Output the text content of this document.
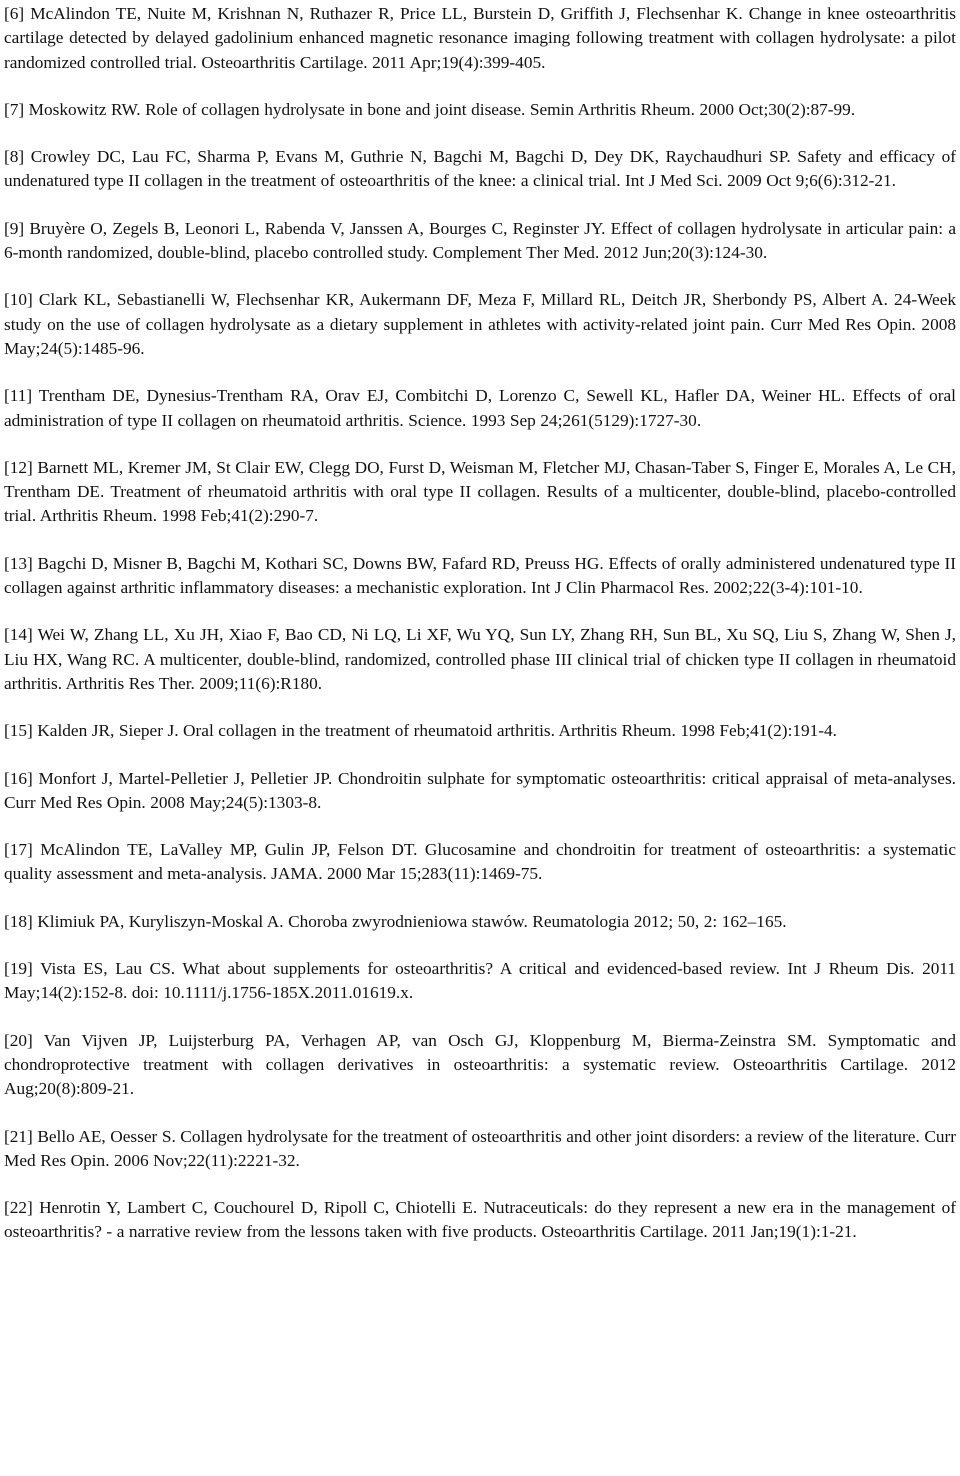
[6] McAlindon TE, Nuite M, Krishnan N, Ruthazer R, Price LL, Burstein D, Griffith J, Flechsenhar K. Change in knee osteoarthritis cartilage detected by delayed gadolinium enhanced magnetic resonance imaging following treatment with collagen hydrolysate: a pilot randomized controlled trial. Osteoarthritis Cartilage. 2011 Apr;19(4):399-405.

[7] Moskowitz RW. Role of collagen hydrolysate in bone and joint disease. Semin Arthritis Rheum. 2000 Oct;30(2):87-99.

[8] Crowley DC, Lau FC, Sharma P, Evans M, Guthrie N, Bagchi M, Bagchi D, Dey DK, Raychaudhuri SP. Safety and efficacy of undenatured type II collagen in the treatment of osteoarthritis of the knee: a clinical trial. Int J Med Sci. 2009 Oct 9;6(6):312-21.

[9] Bruyère O, Zegels B, Leonori L, Rabenda V, Janssen A, Bourges C, Reginster JY. Effect of collagen hydrolysate in articular pain: a 6-month randomized, double-blind, placebo controlled study. Complement Ther Med. 2012 Jun;20(3):124-30.

[10] Clark KL, Sebastianelli W, Flechsenhar KR, Aukermann DF, Meza F, Millard RL, Deitch JR, Sherbondy PS, Albert A. 24-Week study on the use of collagen hydrolysate as a dietary supplement in athletes with activity-related joint pain. Curr Med Res Opin. 2008 May;24(5):1485-96.

[11] Trentham DE, Dynesius-Trentham RA, Orav EJ, Combitchi D, Lorenzo C, Sewell KL, Hafler DA, Weiner HL. Effects of oral administration of type II collagen on rheumatoid arthritis. Science. 1993 Sep 24;261(5129):1727-30.

[12] Barnett ML, Kremer JM, St Clair EW, Clegg DO, Furst D, Weisman M, Fletcher MJ, Chasan-Taber S, Finger E, Morales A, Le CH, Trentham DE. Treatment of rheumatoid arthritis with oral type II collagen. Results of a multicenter, double-blind, placebo-controlled trial. Arthritis Rheum. 1998 Feb;41(2):290-7.

[13] Bagchi D, Misner B, Bagchi M, Kothari SC, Downs BW, Fafard RD, Preuss HG. Effects of orally administered undenatured type II collagen against arthritic inflammatory diseases: a mechanistic exploration. Int J Clin Pharmacol Res. 2002;22(3-4):101-10.

[14] Wei W, Zhang LL, Xu JH, Xiao F, Bao CD, Ni LQ, Li XF, Wu YQ, Sun LY, Zhang RH, Sun BL, Xu SQ, Liu S, Zhang W, Shen J, Liu HX, Wang RC. A multicenter, double-blind, randomized, controlled phase III clinical trial of chicken type II collagen in rheumatoid arthritis. Arthritis Res Ther. 2009;11(6):R180.

[15] Kalden JR, Sieper J. Oral collagen in the treatment of rheumatoid arthritis. Arthritis Rheum. 1998 Feb;41(2):191-4.

[16] Monfort J, Martel-Pelletier J, Pelletier JP. Chondroitin sulphate for symptomatic osteoarthritis: critical appraisal of meta-analyses. Curr Med Res Opin. 2008 May;24(5):1303-8.

[17] McAlindon TE, LaValley MP, Gulin JP, Felson DT. Glucosamine and chondroitin for treatment of osteoarthritis: a systematic quality assessment and meta-analysis. JAMA. 2000 Mar 15;283(11):1469-75.

[18] Klimiuk PA, Kuryliszyn-Moskal A. Choroba zwyrodnieniowa stawów. Reumatologia 2012; 50, 2: 162–165.

[19] Vista ES, Lau CS. What about supplements for osteoarthritis? A critical and evidenced-based review. Int J Rheum Dis. 2011 May;14(2):152-8. doi: 10.1111/j.1756-185X.2011.01619.x.

[20] Van Vijven JP, Luijsterburg PA, Verhagen AP, van Osch GJ, Kloppenburg M, Bierma-Zeinstra SM. Symptomatic and chondroprotective treatment with collagen derivatives in osteoarthritis: a systematic review. Osteoarthritis Cartilage. 2012 Aug;20(8):809-21.

[21] Bello AE, Oesser S. Collagen hydrolysate for the treatment of osteoarthritis and other joint disorders: a review of the literature. Curr Med Res Opin. 2006 Nov;22(11):2221-32.

[22] Henrotin Y, Lambert C, Couchourel D, Ripoll C, Chiotelli E. Nutraceuticals: do they represent a new era in the management of osteoarthritis? - a narrative review from the lessons taken with five products. Osteoarthritis Cartilage. 2011 Jan;19(1):1-21.
